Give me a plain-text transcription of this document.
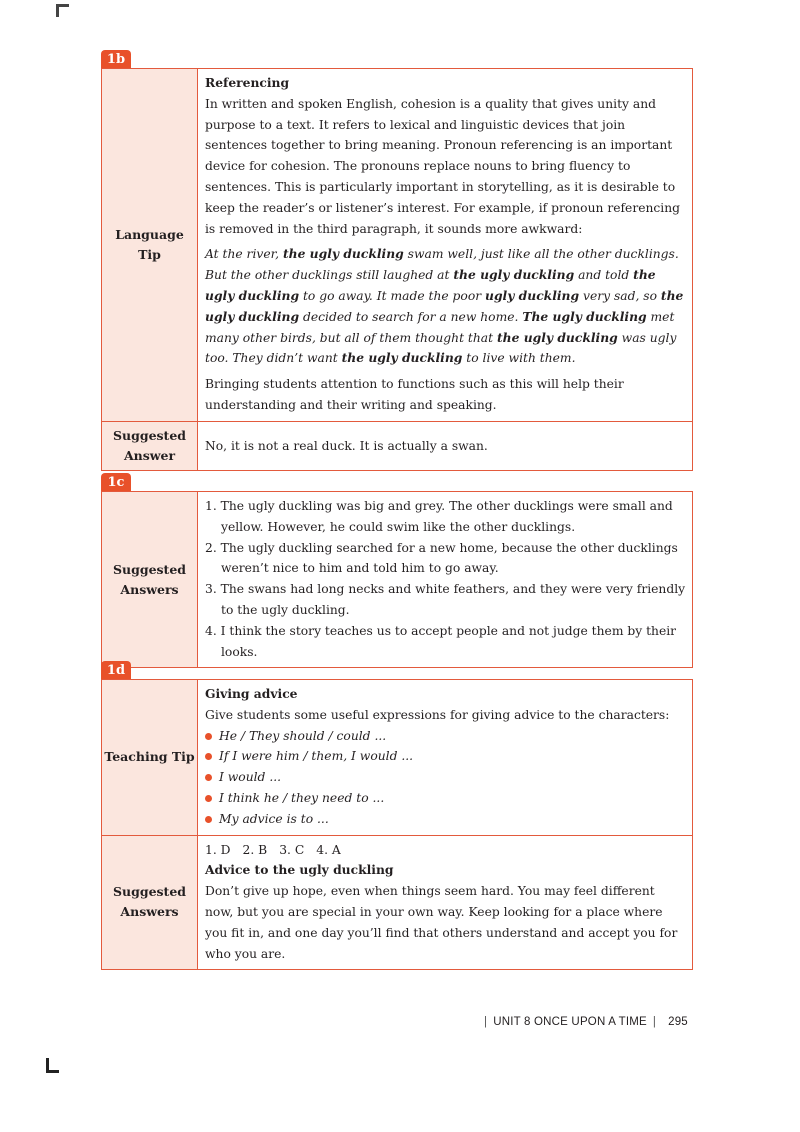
1b
Language Tip

Referencing

In written and spoken English, cohesion is a quality that gives unity and purpose to a text. It refers to lexical and linguistic devices that join sentences together to bring meaning. Pronoun referencing is an important device for cohesion. The pronouns replace nouns to bring fluency to sentences. This is particularly important in storytelling, as it is desirable to keep the reader’s or listener’s interest. For example, if pronoun referencing is removed in the third paragraph, it sounds more awkward:

At the river, the ugly duckling swam well, just like all the other ducklings. But the other ducklings still laughed at the ugly duckling and told the ugly duckling to go away. It made the poor ugly duckling very sad, so the ugly duckling decided to search for a new home. The ugly duckling met many other birds, but all of them thought that the ugly duckling was ugly too. They didn’t want the ugly duckling to live with them.

Bringing students attention to functions such as this will help their understanding and their writing and speaking.

Suggested Answer

No, it is not a real duck. It is actually a swan.

1c
Suggested Answers
1. The ugly duckling was big and grey. The other ducklings were small and yellow. However, he could swim like the other ducklings.
2. The ugly duckling searched for a new home, because the other ducklings weren’t nice to him and told him to go away.
3. The swans had long necks and white feathers, and they were very friendly to the ugly duckling.
4. I think the story teaches us to accept people and not judge them by their looks.
1d
Teaching Tip

Giving advice

Give students some useful expressions for giving advice to the characters:

He / They should / could ...
If I were him / them, I would ...
I would ...
I think he / they need to ...
My advice is to ...
Suggested Answers

1. D 2. B 3. C 4. A

Advice to the ugly duckling

Don’t give up hope, even when things seem hard. You may feel different now, but you are special in your own way. Keep looking for a place where you fit in, and one day you’ll find that others understand and accept you for who you are.

| UNIT 8 ONCE UPON A TIME | 295
